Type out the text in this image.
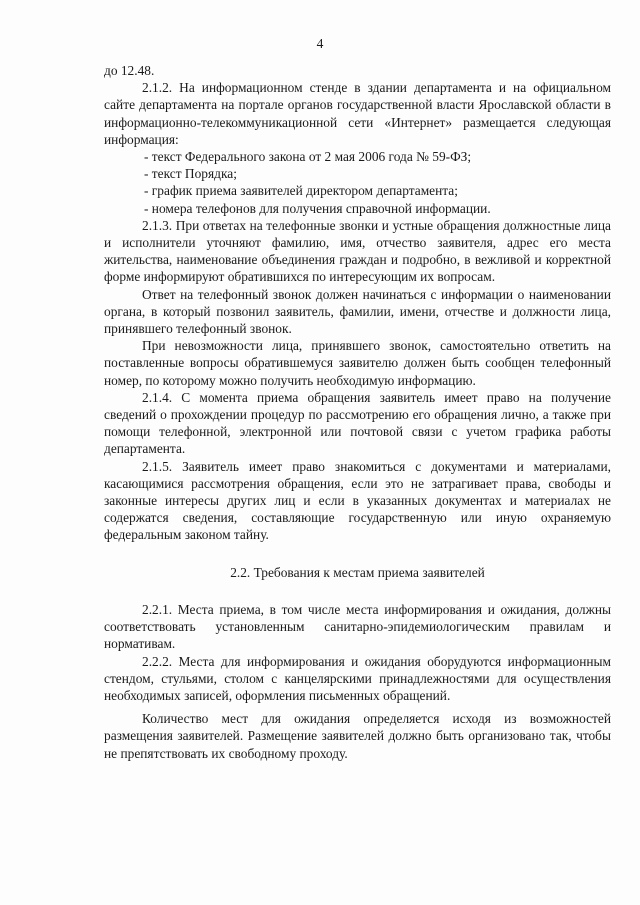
4

до 12.48.

2.1.2. На информационном стенде в здании департамента и на официальном сайте департамента на портале органов государственной власти Ярославской области в информационно-телекоммуникационной сети «Интернет» размещается следующая информация:

- текст Федерального закона от 2 мая 2006 года № 59-ФЗ;

- текст Порядка;

- график приема заявителей директором департамента;

- номера телефонов для получения справочной информации.

2.1.3. При ответах на телефонные звонки и устные обращения должностные лица и исполнители уточняют фамилию, имя, отчество заявителя, адрес его места жительства, наименование объединения граждан и подробно, в вежливой и корректной форме информируют обратившихся по интересующим их вопросам.

Ответ на телефонный звонок должен начинаться с информации о наименовании органа, в который позвонил заявитель, фамилии, имени, отчестве и должности лица, принявшего телефонный звонок.

При невозможности лица, принявшего звонок, самостоятельно ответить на поставленные вопросы обратившемуся заявителю должен быть сообщен телефонный номер, по которому можно получить необходимую информацию.

2.1.4. С момента приема обращения заявитель имеет право на получение сведений о прохождении процедур по рассмотрению его обращения лично, а также при помощи телефонной, электронной или почтовой связи с учетом графика работы департамента.

2.1.5. Заявитель имеет право знакомиться с документами и материалами, касающимися рассмотрения обращения, если это не затрагивает права, свободы и законные интересы других лиц и если в указанных документах и материалах не содержатся сведения, составляющие государственную или иную охраняемую федеральным законом тайну.

2.2. Требования к местам приема заявителей

2.2.1. Места приема, в том числе места информирования и ожидания, должны соответствовать установленным санитарно-эпидемиологическим правилам и нормативам.

2.2.2. Места для информирования и ожидания оборудуются информационным стендом, стульями, столом с канцелярскими принадлежностями для осуществления необходимых записей, оформления письменных обращений.

Количество мест для ожидания определяется исходя из возможностей размещения заявителей. Размещение заявителей должно быть организовано так, чтобы не препятствовать их свободному проходу.
